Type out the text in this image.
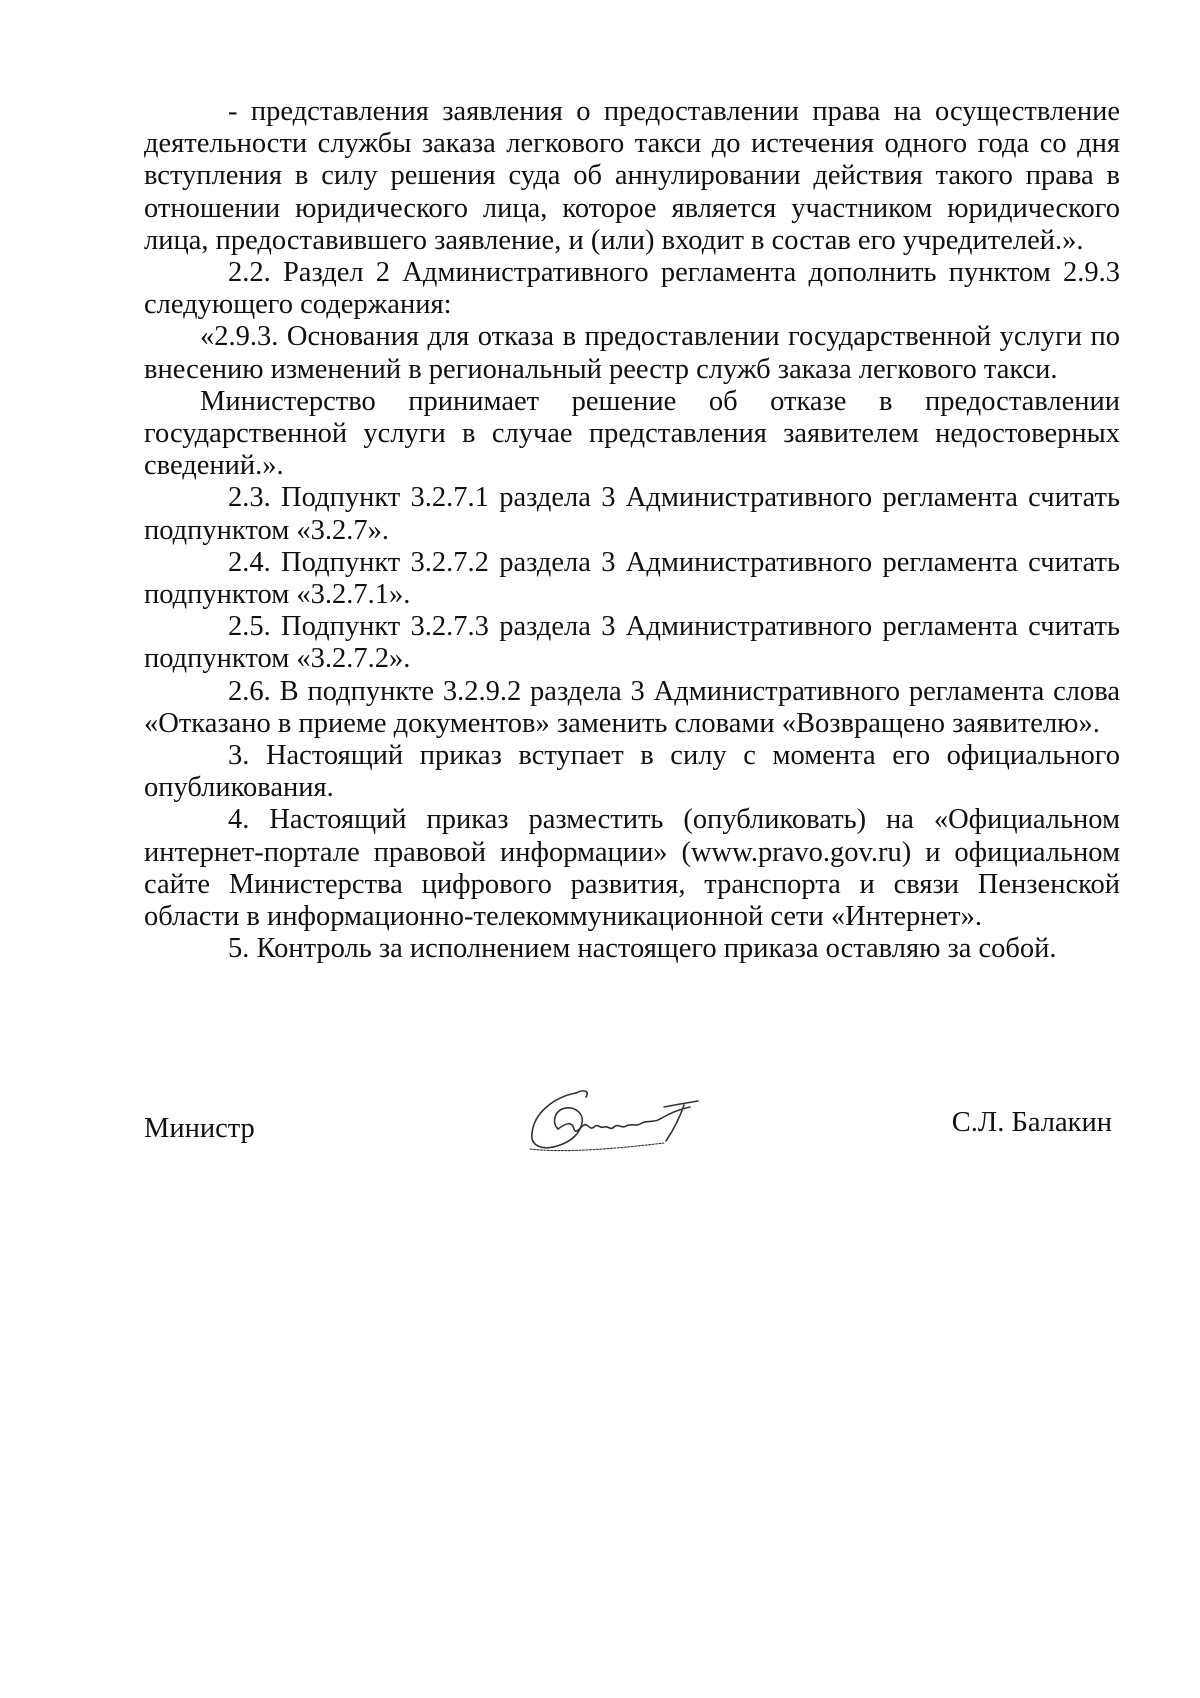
- представления заявления о предоставлении права на осуществление деятельности службы заказа легкового такси до истечения одного года со дня вступления в силу решения суда об аннулировании действия такого права в отношении юридического лица, которое является участником юридического лица, предоставившего заявление, и (или) входит в состав его учредителей.».

2.2. Раздел 2 Административного регламента дополнить пунктом 2.9.3 следующего содержания:

«2.9.3. Основания для отказа в предоставлении государственной услуги по внесению изменений в региональный реестр служб заказа легкового такси.

Министерство принимает решение об отказе в предоставлении государственной услуги в случае представления заявителем недостоверных сведений.».

2.3. Подпункт 3.2.7.1 раздела 3 Административного регламента считать подпунктом «3.2.7».

2.4. Подпункт 3.2.7.2 раздела 3 Административного регламента считать подпунктом «3.2.7.1».

2.5. Подпункт 3.2.7.3 раздела 3 Административного регламента считать подпунктом «3.2.7.2».

2.6. В подпункте 3.2.9.2 раздела 3 Административного регламента слова «Отказано в приеме документов» заменить словами «Возвращено заявителю».

3. Настоящий приказ вступает в силу с момента его официального опубликования.

4. Настоящий приказ разместить (опубликовать) на «Официальном интернет-портале правовой информации» (www.pravo.gov.ru) и официальном сайте Министерства цифрового развития, транспорта и связи Пензенской области в информационно-телекоммуникационной сети «Интернет».

5. Контроль за исполнением настоящего приказа оставляю за собой.

Министр	С.Л. Балакин
